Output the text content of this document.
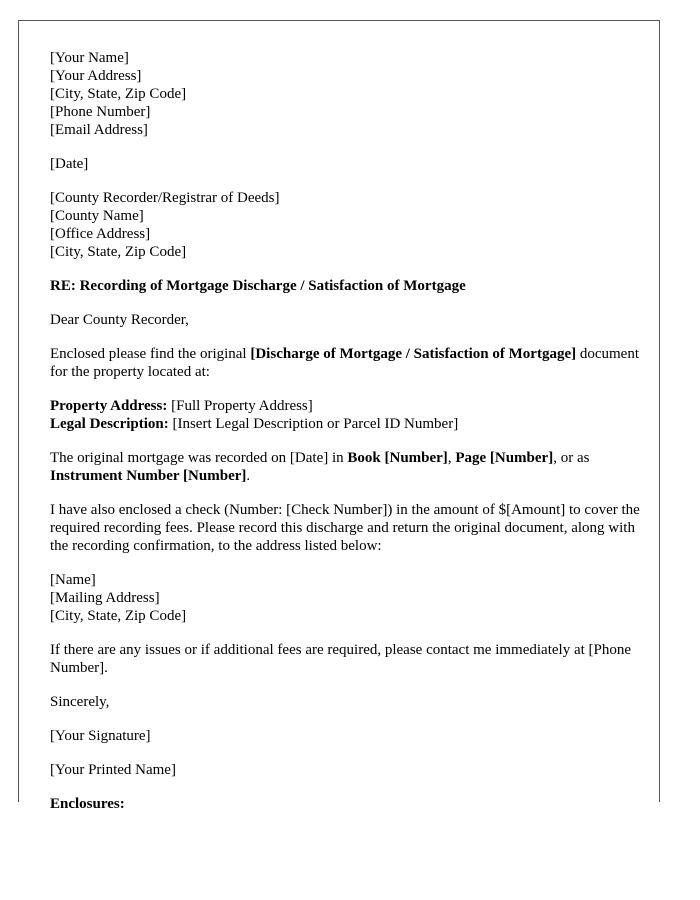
[Your Name]
[Your Address]
[City, State, Zip Code]
[Phone Number]
[Email Address]

[Date]

[County Recorder/Registrar of Deeds]
[County Name]
[Office Address]
[City, State, Zip Code]

RE: Recording of Mortgage Discharge / Satisfaction of Mortgage

Dear County Recorder,

Enclosed please find the original [Discharge of Mortgage / Satisfaction of Mortgage] document for the property located at:

Property Address: [Full Property Address]
Legal Description: [Insert Legal Description or Parcel ID Number]

The original mortgage was recorded on [Date] in Book [Number], Page [Number], or as Instrument Number [Number].

I have also enclosed a check (Number: [Check Number]) in the amount of $[Amount] to cover the required recording fees. Please record this discharge and return the original document, along with the recording confirmation, to the address listed below:

[Name]
[Mailing Address]
[City, State, Zip Code]

If there are any issues or if additional fees are required, please contact me immediately at [Phone Number].

Sincerely,

[Your Signature]

[Your Printed Name]

Enclosures:
